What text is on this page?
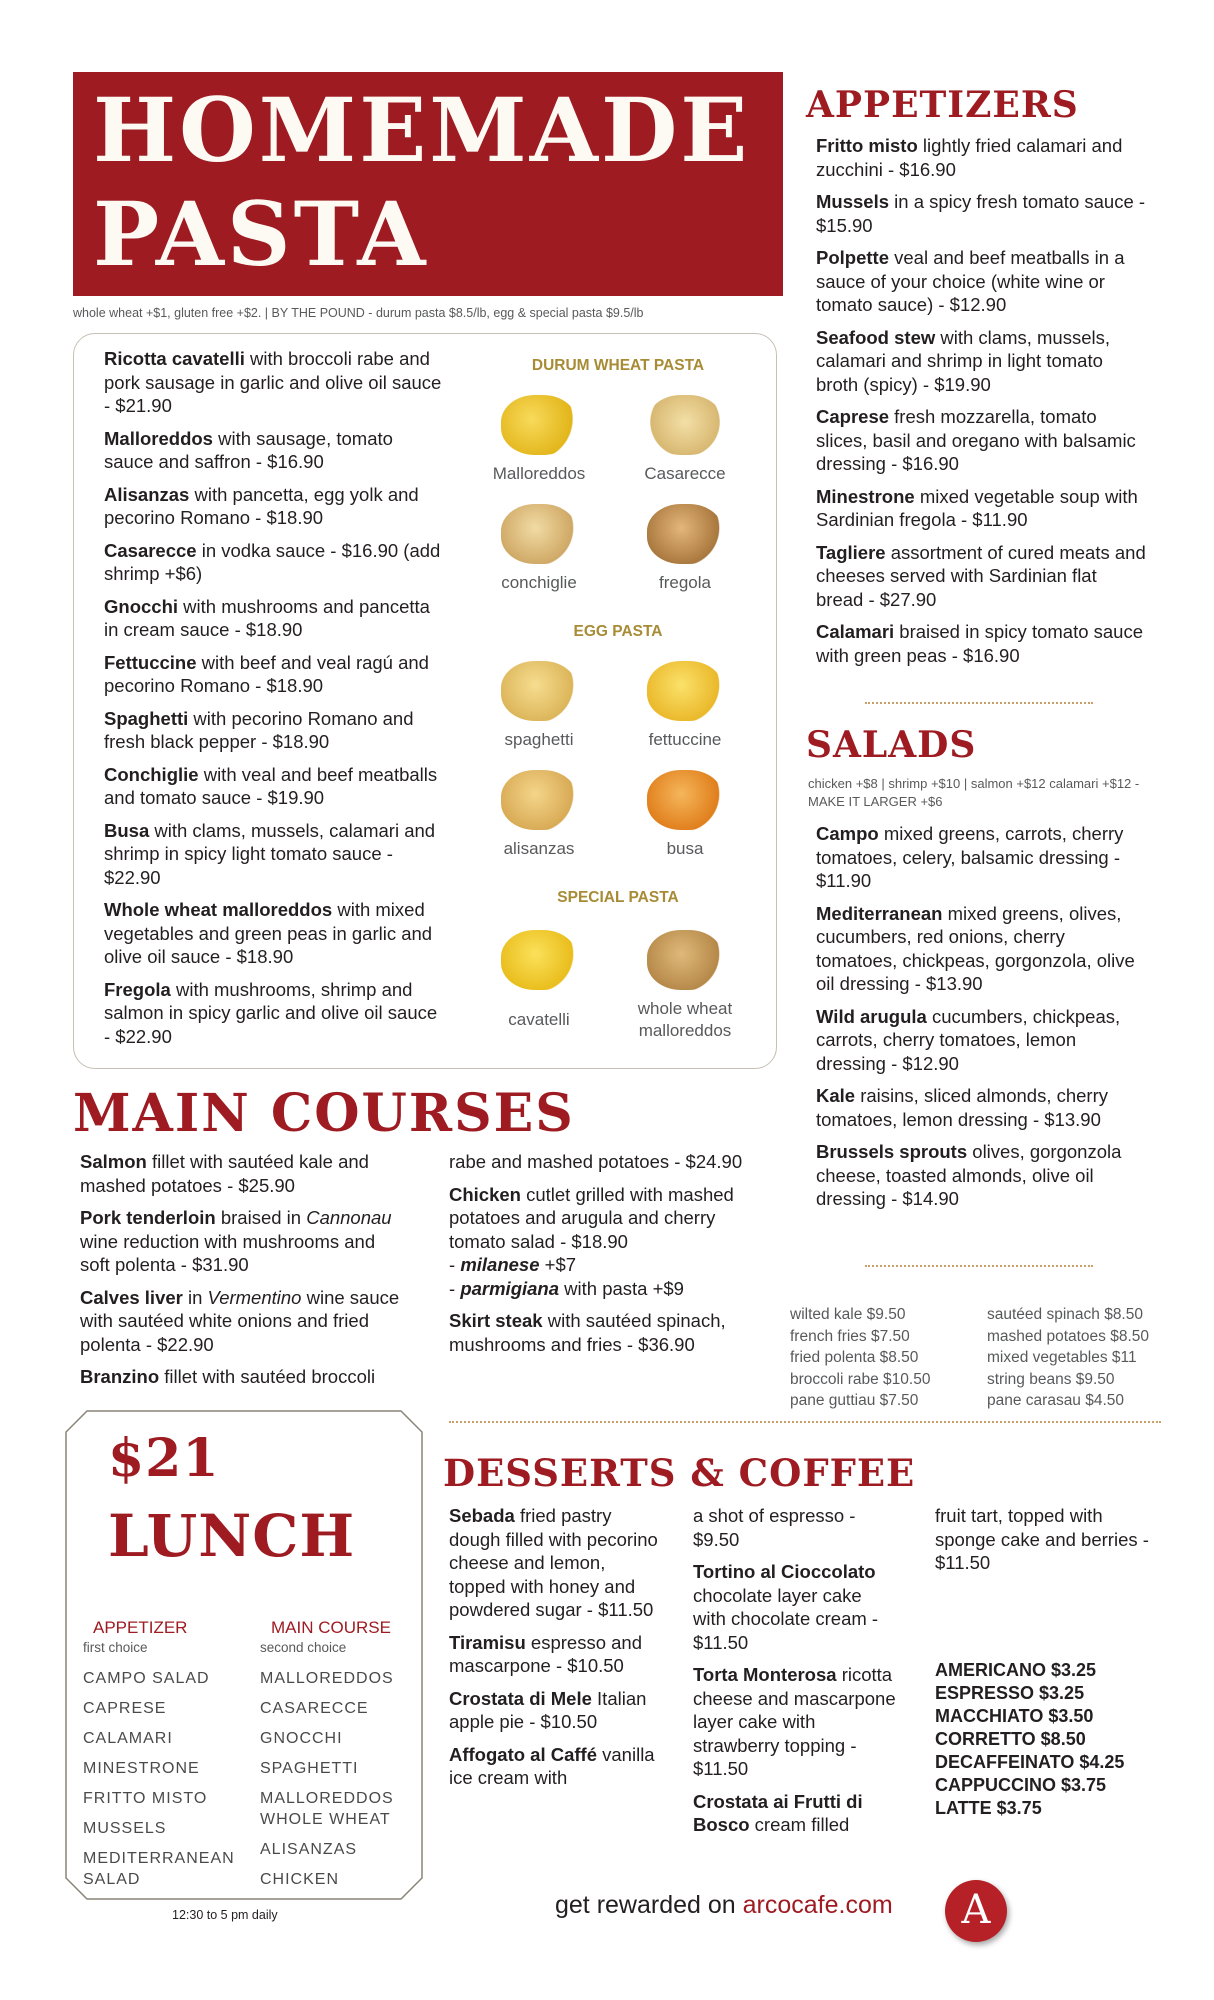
HOMEMADE
PASTA
whole wheat +$1, gluten free +$2. | BY THE POUND - durum pasta $8.5/lb, egg & special pasta $9.5/lb
Ricotta cavatelli with broccoli rabe and pork sausage in garlic and olive oil sauce - $21.90
Malloreddos with sausage, tomato sauce and saffron - $16.90
Alisanzas with pancetta, egg yolk and pecorino Romano - $18.90
Casarecce in vodka sauce - $16.90 (add shrimp +$6)
Gnocchi with mushrooms and pancetta in cream sauce - $18.90
Fettuccine with beef and veal ragú and pecorino Romano - $18.90
Spaghetti with pecorino Romano and fresh black pepper - $18.90
Conchiglie with veal and beef meatballs and tomato sauce - $19.90
Busa with clams, mussels, calamari and shrimp in spicy light tomato sauce - $22.90
Whole wheat malloreddos with mixed vegetables and green peas in garlic and olive oil sauce - $18.90
Fregola with mushrooms, shrimp and salmon in spicy garlic and olive oil sauce - $22.90
DURUM WHEAT PASTA
Malloreddos	Casarecce
conchiglie	fregola
EGG PASTA
spaghetti	fettuccine
alisanzas	busa
SPECIAL PASTA
cavatelli
whole wheat malloreddos
APPETIZERS
Fritto misto lightly fried calamari and zucchini - $16.90
Mussels in a spicy fresh tomato sauce - $15.90
Polpette veal and beef meatballs in a sauce of your choice (white wine or tomato sauce) - $12.90
Seafood stew with clams, mussels, calamari and shrimp in light tomato broth (spicy) - $19.90
Caprese fresh mozzarella, tomato slices, basil and oregano with balsamic dressing - $16.90
Minestrone mixed vegetable soup with Sardinian fregola - $11.90
Tagliere assortment of cured meats and cheeses served with Sardinian flat bread - $27.90
Calamari braised in spicy tomato sauce with green peas - $16.90
SALADS
chicken +$8 | shrimp +$10 | salmon +$12 calamari +$12 - MAKE IT LARGER +$6
Campo mixed greens, carrots, cherry tomatoes, celery, balsamic dressing - $11.90
Mediterranean mixed greens, olives, cucumbers, red onions, cherry tomatoes, chickpeas, gorgonzola, olive oil dressing - $13.90
Wild arugula cucumbers, chickpeas, carrots, cherry tomatoes, lemon dressing - $12.90
Kale raisins, sliced almonds, cherry tomatoes, lemon dressing - $13.90
Brussels sprouts olives, gorgonzola cheese, toasted almonds, olive oil dressing - $14.90
wilted kale $9.50
french fries $7.50
fried polenta $8.50
broccoli rabe $10.50
pane guttiau $7.50
sautéed spinach $8.50
mashed potatoes $8.50
mixed vegetables $11
string beans $9.50
pane carasau $4.50
MAIN COURSES
Salmon fillet with sautéed kale and mashed potatoes - $25.90
Pork tenderloin braised in Cannonau wine reduction with mushrooms and soft polenta - $31.90
Calves liver in Vermentino wine sauce with sautéed white onions and fried polenta - $22.90
Branzino fillet with sautéed broccoli
rabe and mashed potatoes - $24.90
Chicken cutlet grilled with mashed potatoes and arugula and cherry tomato salad - $18.90
- milanese +$7
- parmigiana with pasta +$9
Skirt steak with sautéed spinach, mushrooms and fries - $36.90
$21
LUNCH
APPETIZER
first choice
MAIN COURSE
second choice
CAMPO SALAD
CAPRESE
CALAMARI
MINESTRONE
FRITTO MISTO
MUSSELS
MEDITERRANEAN SALAD
MALLOREDDOS
CASARECCE
GNOCCHI
SPAGHETTI
MALLOREDDOS WHOLE WHEAT
ALISANZAS
CHICKEN
12:30 to 5 pm daily
DESSERTS & COFFEE
Sebada fried pastry dough filled with pecorino cheese and lemon, topped with honey and powdered sugar - $11.50
Tiramisu espresso and mascarpone - $10.50
Crostata di Mele Italian apple pie - $10.50
Affogato al Caffé vanilla ice cream with
a shot of espresso - $9.50
Tortino al Cioccolato chocolate layer cake with chocolate cream - $11.50
Torta Monterosa ricotta cheese and mascarpone layer cake with strawberry topping - $11.50
Crostata ai Frutti di Bosco cream filled
fruit tart, topped with sponge cake and berries - $11.50
AMERICANO $3.25
ESPRESSO $3.25
MACCHIATO $3.50
CORRETTO $8.50
DECAFFEINATO $4.25
CAPPUCCINO $3.75
LATTE $3.75
get rewarded on arcocafe.com	A
